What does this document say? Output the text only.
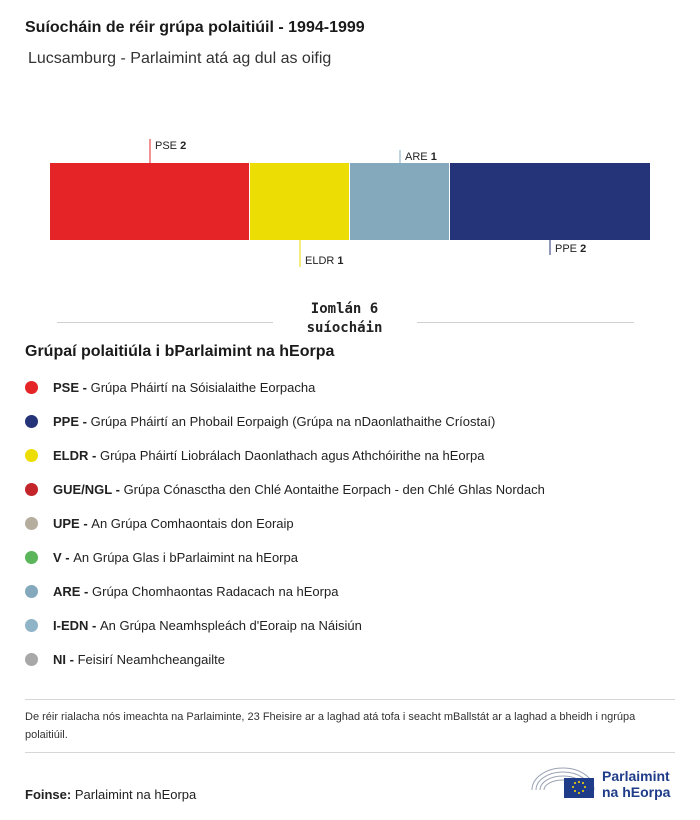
Suíocháin de réir grúpa polaitiúil - 1994-1999
Lucsamburg - Parlaimint atá ag dul as oifig
PSE 2
ELDR 1
ARE 1
PPE 2
Iomlán 6
suíocháin
Grúpaí polaitiúla i bParlaimint na hEorpa
PSE -
Grúpa Pháirtí na Sóisialaithe Eorpacha
PPE -
Grúpa Pháirtí an Phobail Eorpaigh (Grúpa na nDaonlathaithe Críostaí)
ELDR -
Grúpa Pháirtí Liobrálach Daonlathach agus Athchóirithe na hEorpa
GUE/NGL -
Grúpa Cónasctha den Chlé Aontaithe Eorpach - den Chlé Ghlas Nordach
UPE -
An Grúpa Comhaontais don Eoraip
V -
An Grúpa Glas i bParlaimint na hEorpa
ARE -
Grúpa Chomhaontas Radacach na hEorpa
I-EDN -
An Grúpa Neamhspleách d'Eoraip na Náisiún
NI -
Feisirí Neamhcheangailte
De réir rialacha nós imeachta na Parlaiminte, 23 Fheisire ar a laghad atá tofa i seacht mBallstát ar a laghad a bheidh i ngrúpa polaitiúil.
Foinse: Parlaimint na hEorpa
Parlaimint
na hEorpa
